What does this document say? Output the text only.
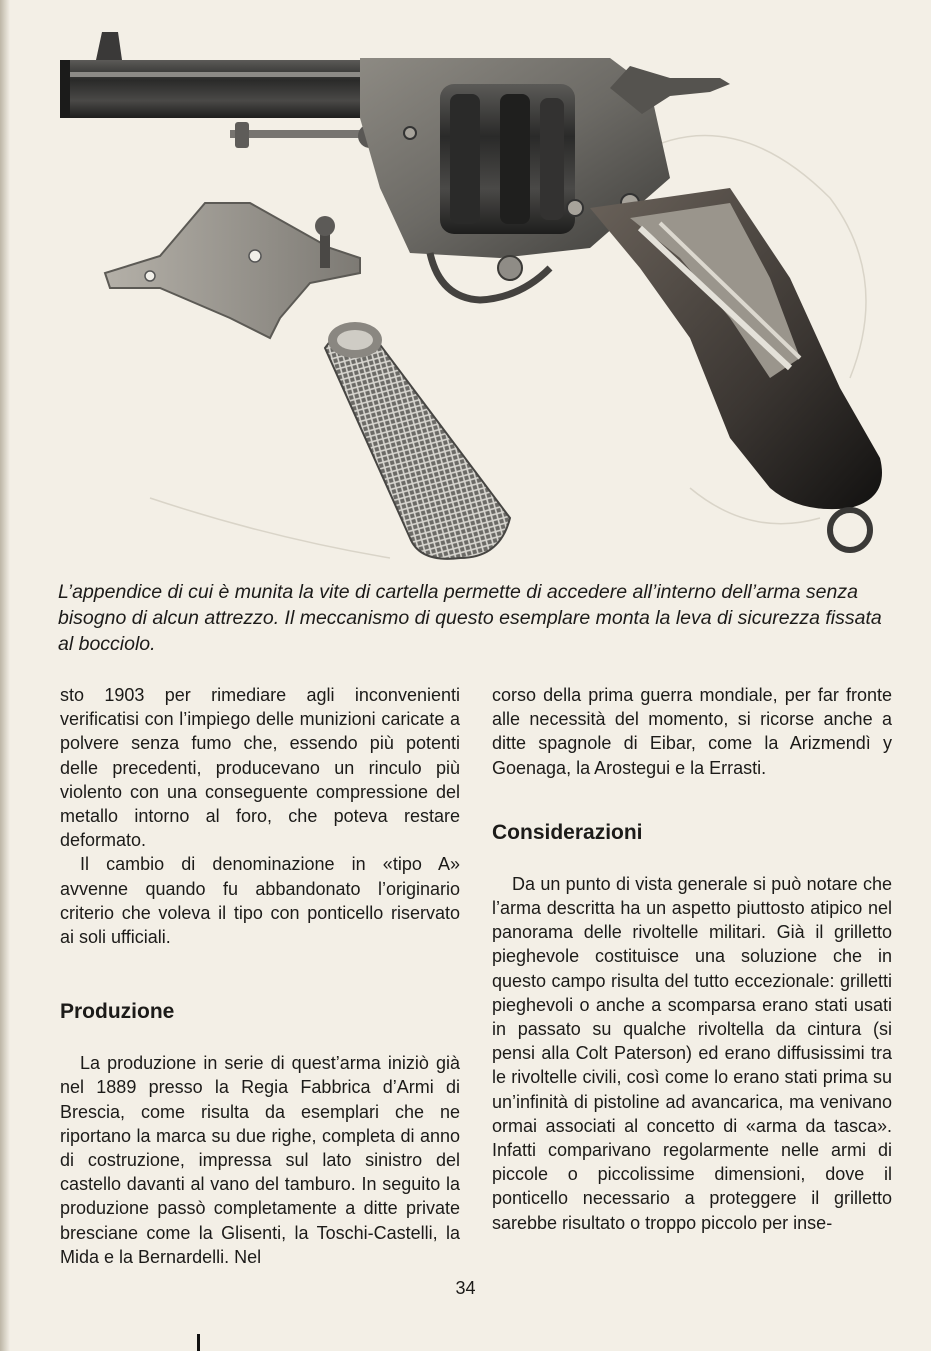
L’appendice di cui è munita la vite di cartella permette di accedere all’interno dell’arma senza bisogno di alcun attrezzo. Il meccanismo di questo esemplare monta la leva di sicurezza fissata al bocciolo.

sto 1903 per rimediare agli inconvenienti verificatisi con l’impiego delle munizioni caricate a polvere senza fumo che, essendo più potenti delle precedenti, producevano un rinculo più violento con una conseguente compressione del metallo intorno al foro, che poteva restare deformato.

Il cambio di denominazione in «tipo A» avvenne quando fu abbandonato l’originario criterio che voleva il tipo con ponticello riservato ai soli ufficiali.

Produzione

La produzione in serie di quest’arma iniziò già nel 1889 presso la Regia Fabbrica d’Armi di Brescia, come risulta da esemplari che ne riportano la marca su due righe, completa di anno di costruzione, impressa sul lato sinistro del castello davanti al vano del tamburo. In seguito la produzione passò completamente a ditte private bresciane come la Glisenti, la Toschi-Castelli, la Mida e la Bernardelli. Nel

corso della prima guerra mondiale, per far fronte alle necessità del momento, si ricorse anche a ditte spagnole di Eibar, come la Arizmendì y Goenaga, la Arostegui e la Errasti.

Considerazioni

Da un punto di vista generale si può notare che l’arma descritta ha un aspetto piuttosto atipico nel panorama delle rivoltelle militari. Già il grilletto pieghevole costituisce una soluzione che in questo campo risulta del tutto eccezionale: grilletti pieghevoli o anche a scomparsa erano stati usati in passato su qualche rivoltella da cintura (si pensi alla Colt Paterson) ed erano diffusissimi tra le rivoltelle civili, così come lo erano stati prima su un’infinità di pistoline ad avancarica, ma venivano ormai associati al concetto di «arma da tasca». Infatti comparivano regolarmente nelle armi di piccole o piccolissime dimensioni, dove il ponticello necessario a proteggere il grilletto sarebbe risultato o troppo piccolo per inse-

34
